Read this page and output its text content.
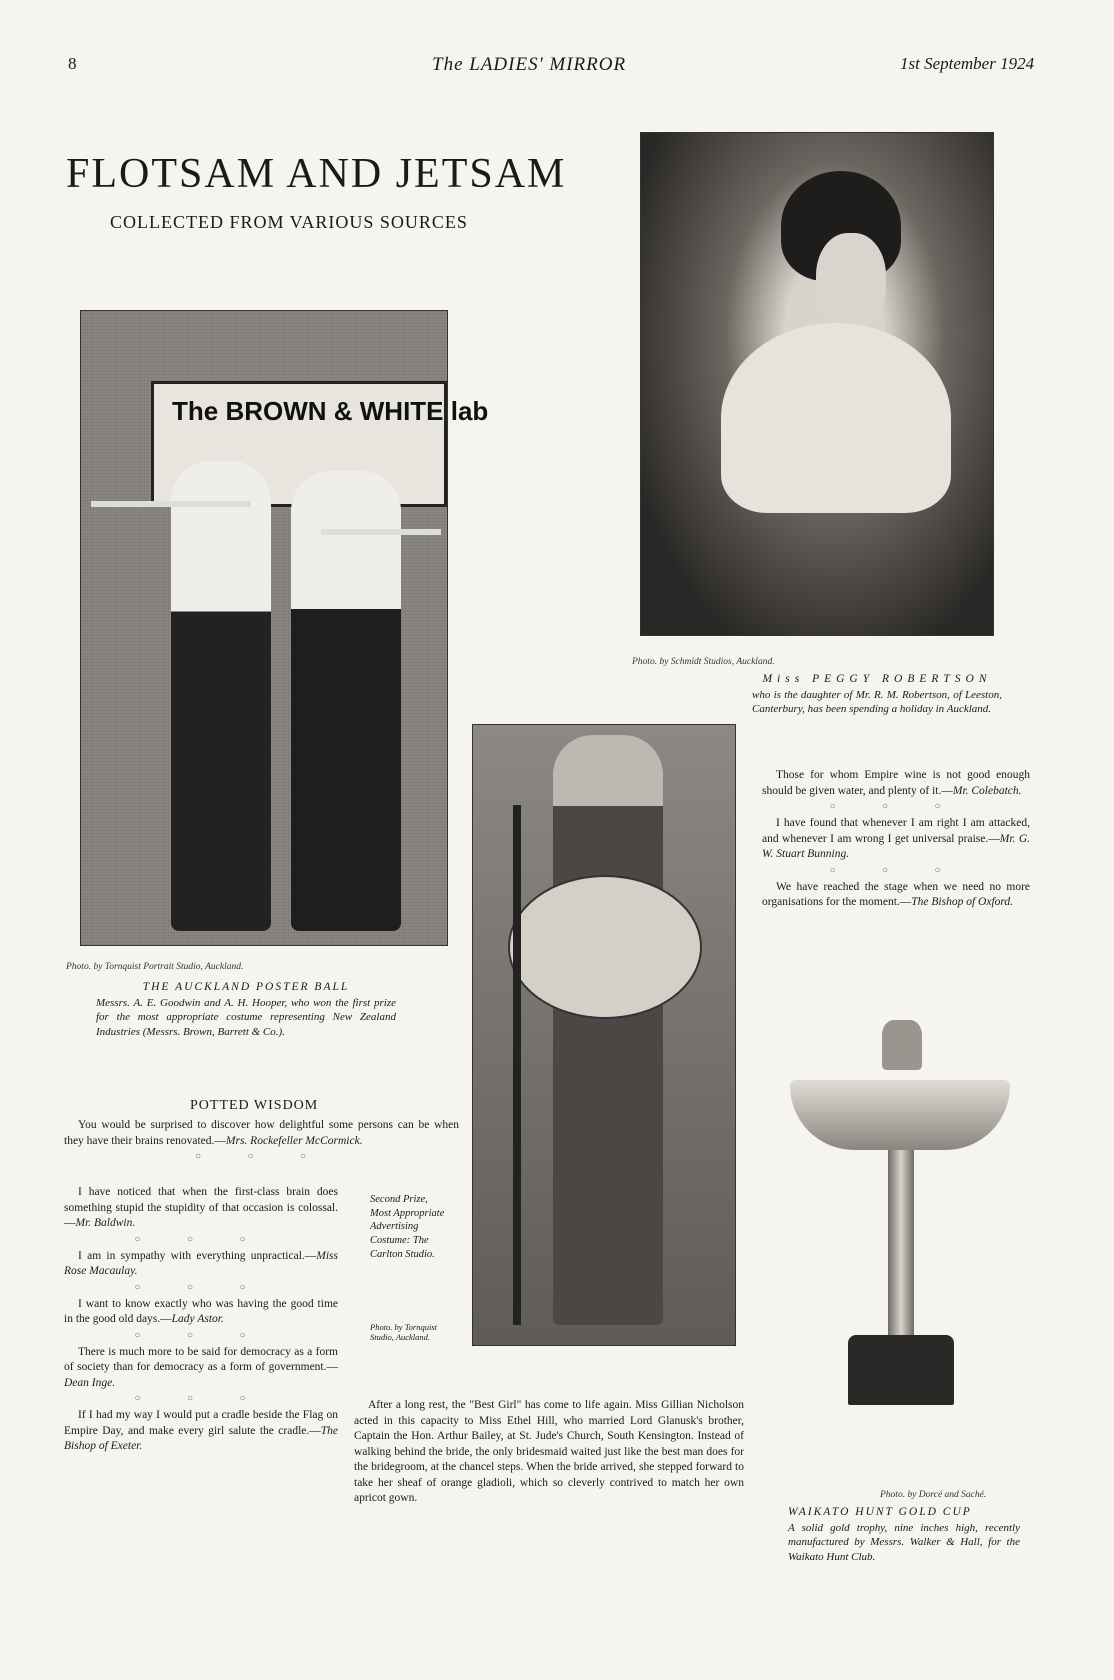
8	The LADIES' MIRROR	1st September 1924
FLOTSAM AND JETSAM
COLLECTED FROM VARIOUS SOURCES
The BROWN & WHITE lab
Photo. by Tornquist Portrait Studio, Auckland.
THE AUCKLAND POSTER BALL
Messrs. A. E. Goodwin and A. H. Hooper, who won the first prize for the most appropriate costume representing New Zealand Industries (Messrs. Brown, Barrett & Co.).
Photo. by Schmidt Studios, Auckland.
Miss PEGGY ROBERTSON
who is the daughter of Mr. R. M. Robertson, of Leeston, Canterbury, has been spending a holiday in Auckland.

Those for whom Empire wine is not good enough should be given water, and plenty of it.—Mr. Colebatch.

○ ○ ○

I have found that whenever I am right I am attacked, and whenever I am wrong I get universal praise.—Mr. G. W. Stuart Bunning.

○ ○ ○

We have reached the stage when we need no more organisations for the moment.—The Bishop of Oxford.

Photo. by Dorcé and Saché.
WAIKATO HUNT GOLD CUP
A solid gold trophy, nine inches high, recently manufactured by Messrs. Walker & Hall, for the Waikato Hunt Club.
POTTED WISDOM

You would be surprised to discover how delightful some persons can be when they have their brains renovated.—Mrs. Rockefeller McCormick.

○ ○ ○

I have noticed that when the first-class brain does something stupid the stupidity of that occasion is colossal.—Mr. Baldwin.

○ ○ ○

I am in sympathy with everything unpractical.—Miss Rose Macaulay.

○ ○ ○

I want to know exactly who was having the good time in the good old days.—Lady Astor.

○ ○ ○

There is much more to be said for democracy as a form of society than for democracy as a form of government.—Dean Inge.

○ ○ ○

If I had my way I would put a cradle beside the Flag on Empire Day, and make every girl salute the cradle.—The Bishop of Exeter.

Second Prize, Most Appropriate Advertising Costume: The Carlton Studio.
Photo. by Tornquist Studio, Auckland.

After a long rest, the "Best Girl" has come to life again. Miss Gillian Nicholson acted in this capacity to Miss Ethel Hill, who married Lord Glanusk's brother, Captain the Hon. Arthur Bailey, at St. Jude's Church, South Kensington. Instead of walking behind the bride, the only bridesmaid waited just like the best man does for the bridegroom, at the chancel steps. When the bride arrived, she stepped forward to take her sheaf of orange gladioli, which so cleverly contrived to match her own apricot gown.
